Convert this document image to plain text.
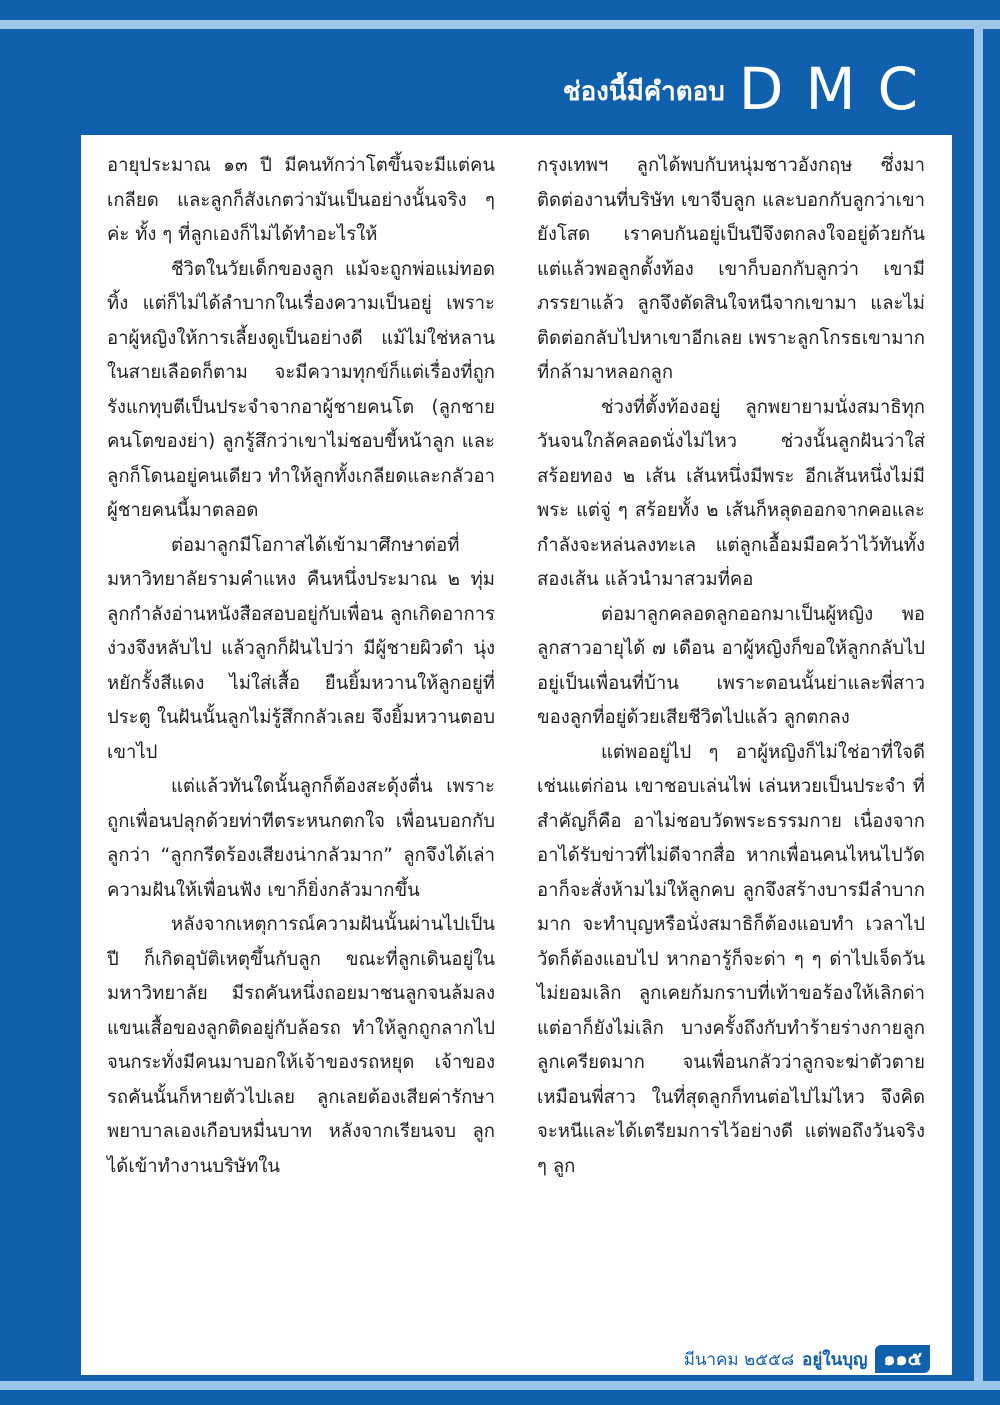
ช่องนี้มีคำตอบ DMC

อายุประมาณ ๑๓ ปี มีคนทักว่าโตขึ้นจะมีแต่คนเกลียด และลูกก็สังเกตว่ามันเป็นอย่างนั้นจริง ๆ ค่ะ ทั้ง ๆ ที่ลูกเองก็ไม่ได้ทำอะไรให้

ชีวิตในวัยเด็กของลูก แม้จะถูกพ่อแม่ทอดทิ้ง แต่ก็ไม่ได้ลำบากในเรื่องความเป็นอยู่ เพราะอาผู้หญิงให้การเลี้ยงดูเป็นอย่างดี แม้ไม่ใช่หลานในสายเลือดก็ตาม จะมีความทุกข์ก็แต่เรื่องที่ถูกรังแกทุบตีเป็นประจำจากอาผู้ชายคนโต (ลูกชายคนโตของย่า) ลูกรู้สึกว่าเขาไม่ชอบขี้หน้าลูก และลูกก็โดนอยู่คนเดียว ทำให้ลูกทั้งเกลียดและกลัวอาผู้ชายคนนี้มาตลอด

ต่อมาลูกมีโอกาสได้เข้ามาศึกษาต่อที่มหาวิทยาลัยรามคำแหง คืนหนึ่งประมาณ ๒ ทุ่ม ลูกกำลังอ่านหนังสือสอบอยู่กับเพื่อน ลูกเกิดอาการง่วงจึงหลับไป แล้วลูกก็ฝันไปว่า มีผู้ชายผิวดำ นุ่งหยักรั้งสีแดง ไม่ใส่เสื้อ ยืนยิ้มหวานให้ลูกอยู่ที่ประตู ในฝันนั้นลูกไม่รู้สึกกลัวเลย จึงยิ้มหวานตอบเขาไป

แต่แล้วทันใดนั้นลูกก็ต้องสะดุ้งตื่น เพราะถูกเพื่อนปลุกด้วยท่าทีตระหนกตกใจ เพื่อนบอกกับลูกว่า “ลูกกรีดร้องเสียงน่ากลัวมาก” ลูกจึงได้เล่าความฝันให้เพื่อนฟัง เขาก็ยิ่งกลัวมากขึ้น

หลังจากเหตุการณ์ความฝันนั้นผ่านไปเป็นปี ก็เกิดอุบัติเหตุขึ้นกับลูก ขณะที่ลูกเดินอยู่ในมหาวิทยาลัย มีรถคันหนึ่งถอยมาชนลูกจนล้มลง แขนเสื้อของลูกติดอยู่กับล้อรถ ทำให้ลูกถูกลากไปจนกระทั่งมีคนมาบอกให้เจ้าของรถหยุด เจ้าของรถคันนั้นก็หายตัวไปเลย ลูกเลยต้องเสียค่ารักษาพยาบาลเองเกือบหมื่นบาท หลังจากเรียนจบ ลูกได้เข้าทำงานบริษัทใน

กรุงเทพฯ ลูกได้พบกับหนุ่มชาวอังกฤษ ซึ่งมาติดต่องานที่บริษัท เขาจีบลูก และบอกกับลูกว่าเขายังโสด เราคบกันอยู่เป็นปีจึงตกลงใจอยู่ด้วยกัน แต่แล้วพอลูกตั้งท้อง เขาก็บอกกับลูกว่า เขามีภรรยาแล้ว ลูกจึงตัดสินใจหนีจากเขามา และไม่ติดต่อกลับไปหาเขาอีกเลย เพราะลูกโกรธเขามากที่กล้ามาหลอกลูก

ช่วงที่ตั้งท้องอยู่ ลูกพยายามนั่งสมาธิทุกวันจนใกล้คลอดนั่งไม่ไหว ช่วงนั้นลูกฝันว่าใส่สร้อยทอง ๒ เส้น เส้นหนึ่งมีพระ อีกเส้นหนึ่งไม่มีพระ แต่จู่ ๆ สร้อยทั้ง ๒ เส้นก็หลุดออกจากคอและกำลังจะหล่นลงทะเล แต่ลูกเอื้อมมือคว้าไว้ทันทั้งสองเส้น แล้วนำมาสวมที่คอ

ต่อมาลูกคลอดลูกออกมาเป็นผู้หญิง พอลูกสาวอายุได้ ๗ เดือน อาผู้หญิงก็ขอให้ลูกกลับไปอยู่เป็นเพื่อนที่บ้าน เพราะตอนนั้นย่าและพี่สาวของลูกที่อยู่ด้วยเสียชีวิตไปแล้ว ลูกตกลง

แต่พออยู่ไป ๆ อาผู้หญิงก็ไม่ใช่อาที่ใจดีเช่นแต่ก่อน เขาชอบเล่นไพ่ เล่นหวยเป็นประจำ ที่สำคัญก็คือ อาไม่ชอบวัดพระธรรมกาย เนื่องจากอาได้รับข่าวที่ไม่ดีจากสื่อ หากเพื่อนคนไหนไปวัด อาก็จะสั่งห้ามไม่ให้ลูกคบ ลูกจึงสร้างบารมีลำบากมาก จะทำบุญหรือนั่งสมาธิก็ต้องแอบทำ เวลาไปวัดก็ต้องแอบไป หากอารู้ก็จะด่า ๆ ๆ ด่าไปเจ็ดวันไม่ยอมเลิก ลูกเคยก้มกราบที่เท้าขอร้องให้เลิกด่า แต่อาก็ยังไม่เลิก บางครั้งถึงกับทำร้ายร่างกายลูก ลูกเครียดมาก จนเพื่อนกลัวว่าลูกจะฆ่าตัวตายเหมือนพี่สาว ในที่สุดลูกก็ทนต่อไปไม่ไหว จึงคิดจะหนีและได้เตรียมการไว้อย่างดี แต่พอถึงวันจริง ๆ ลูก

มีนาคม ๒๕๕๘ อยู่ในบุญ ๑๑๕
